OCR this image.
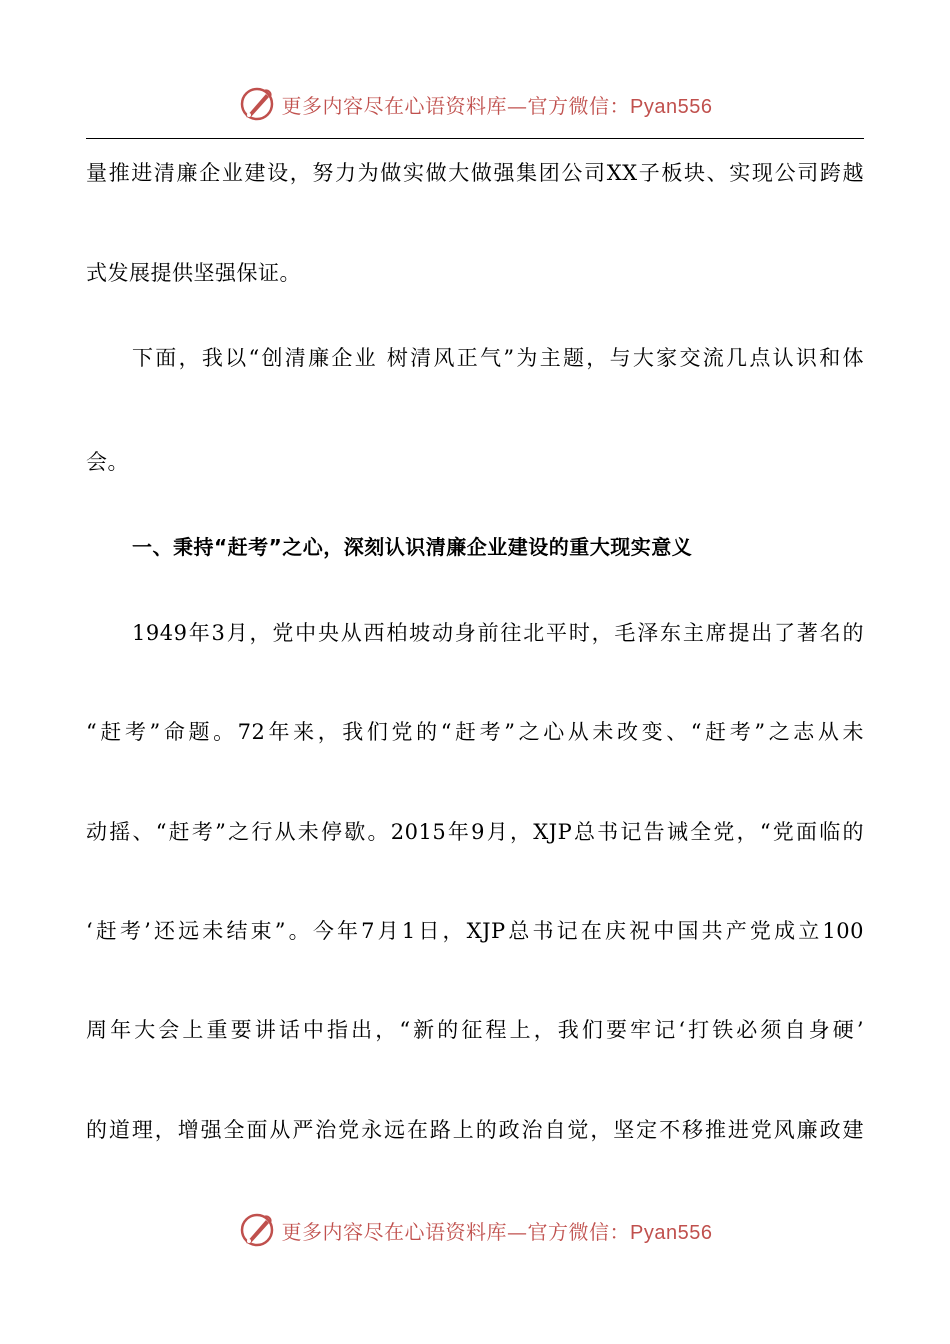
更多内容尽在心语资料库—官方微信：Pyan556
量推进清廉企业建设，努力为做实做大做强集团公司XX子板块、实现公司跨越
式发展提供坚强保证。
下面，我以“创清廉企业 树清风正气”为主题，与大家交流几点认识和体
会。
一、秉持“赶考”之心，深刻认识清廉企业建设的重大现实意义
1949年3月，党中央从西柏坡动身前往北平时，毛泽东主席提出了著名的
“赶考”命题。72年来，我们党的“赶考”之心从未改变、“赶考”之志从未
动摇、“赶考”之行从未停歇。2015年9月，XJP总书记告诫全党，“党面临的
‘赶考’还远未结束”。今年7月1日，XJP总书记在庆祝中国共产党成立100
周年大会上重要讲话中指出，“新的征程上，我们要牢记‘打铁必须自身硬’
的道理，增强全面从严治党永远在路上的政治自觉，坚定不移推进党风廉政建
更多内容尽在心语资料库—官方微信：Pyan556
